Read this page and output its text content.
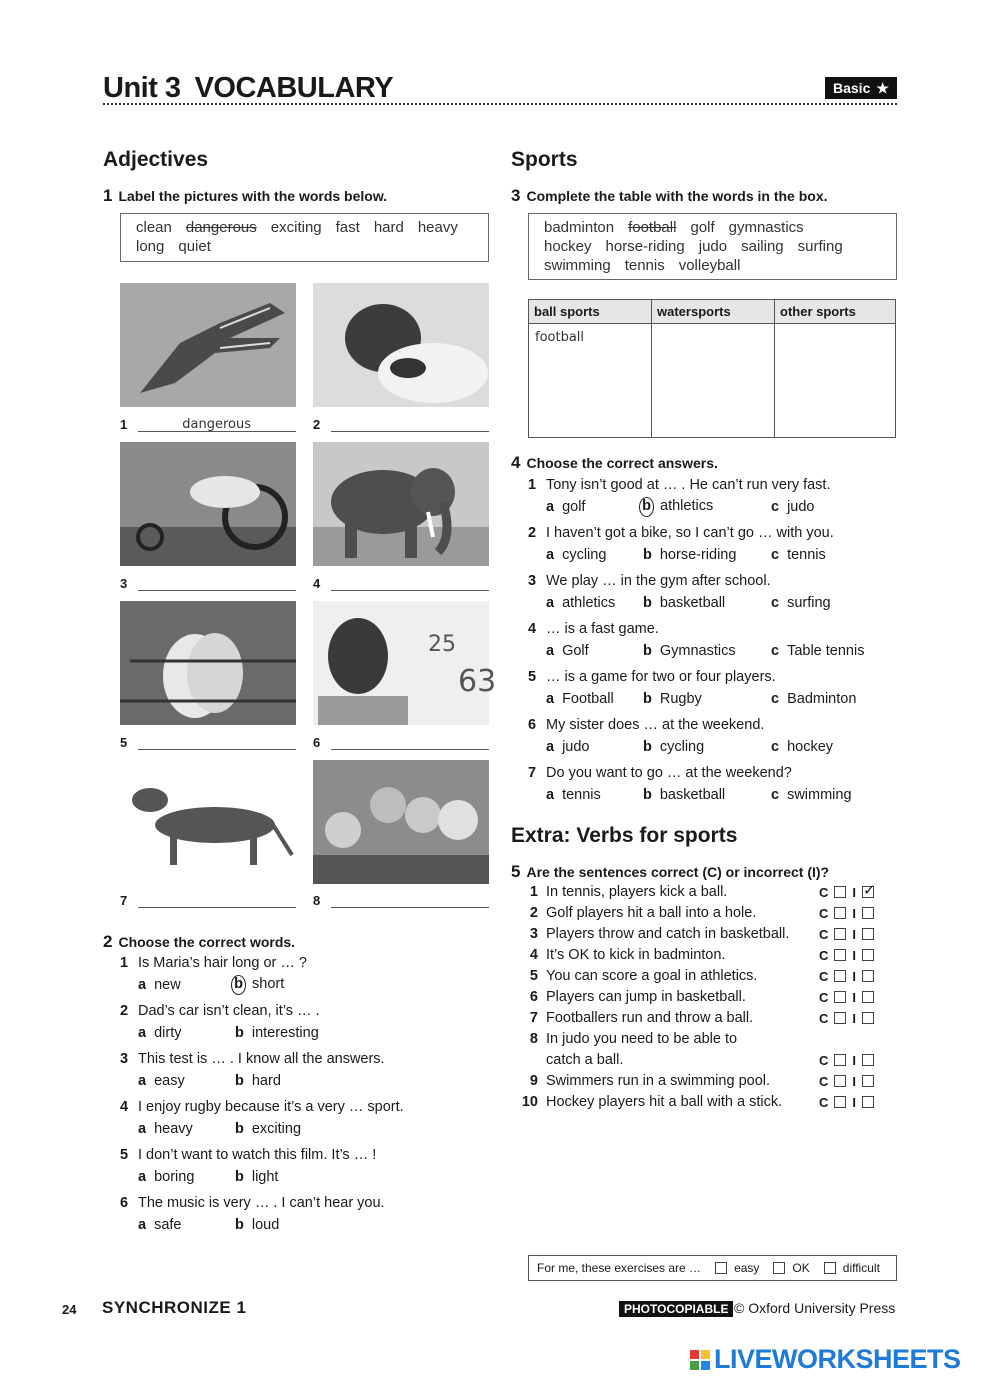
Unit 3 VOCABULARY	Basic ★
Adjectives
1 Label the pictures with the words below.
clean dangerous exciting fast hard heavy
long quiet
25
63
1	dangerous	2
3	4
5	6
7	8
2 Choose the correct words.
1 Is Maria’s hair long or … ?
a new	b short
2 Dad’s car isn’t clean, it’s … .
a dirty	b interesting
3 This test is … . I know all the answers.
a easy	b hard
4 I enjoy rugby because it’s a very … sport.
a heavy	b exciting
5 I don’t want to watch this film. It’s … !
a boring	b light
6 The music is very … . I can’t hear you.
a safe	b loud
Sports
3 Complete the table with the words in the box.
badminton football golf gymnastics
hockey horse-riding judo sailing surfing
swimming tennis volleyball
ball sports	watersports	other sports
football		
4 Choose the correct answers.
1 Tony isn’t good at … . He can’t run very fast.
a golf	b athletics	c judo
2 I haven’t got a bike, so I can’t go … with you.
a cycling	b horse-riding c tennis
3 We play … in the gym after school.
a athletics b basketball	c surfing
4 … is a fast game.
a Golf	b Gymnastics c Table tennis
5 … is a game for two or four players.
a Football b Rugby	c Badminton
6 My sister does … at the weekend.
a judo	b cycling	c hockey
7 Do you want to go … at the weekend?
a tennis	b basketball	c swimming
Extra: Verbs for sports
5 Are the sentences correct (C) or incorrect (I)?
1 In tennis, players kick a ball.	C I✓
2 Golf players hit a ball into a hole.	C I
3 Players throw and catch in basketball. C I
4 It’s OK to kick in badminton.	C I
5 You can score a goal in athletics.	C I
6 Players can jump in basketball.	C I
7 Footballers run and throw a ball.	C I
8 In judo you need to be able to
catch a ball.	C I
9 Swimmers run in a swimming pool.	C I
10 Hockey players hit a ball with a stick.	C I
For me, these exercises are …	easy	OK	difficult
24 SYNCHRONIZE 1	PHOTOCOPIABLE © Oxford University Press
LIVEWORKSHEETS
